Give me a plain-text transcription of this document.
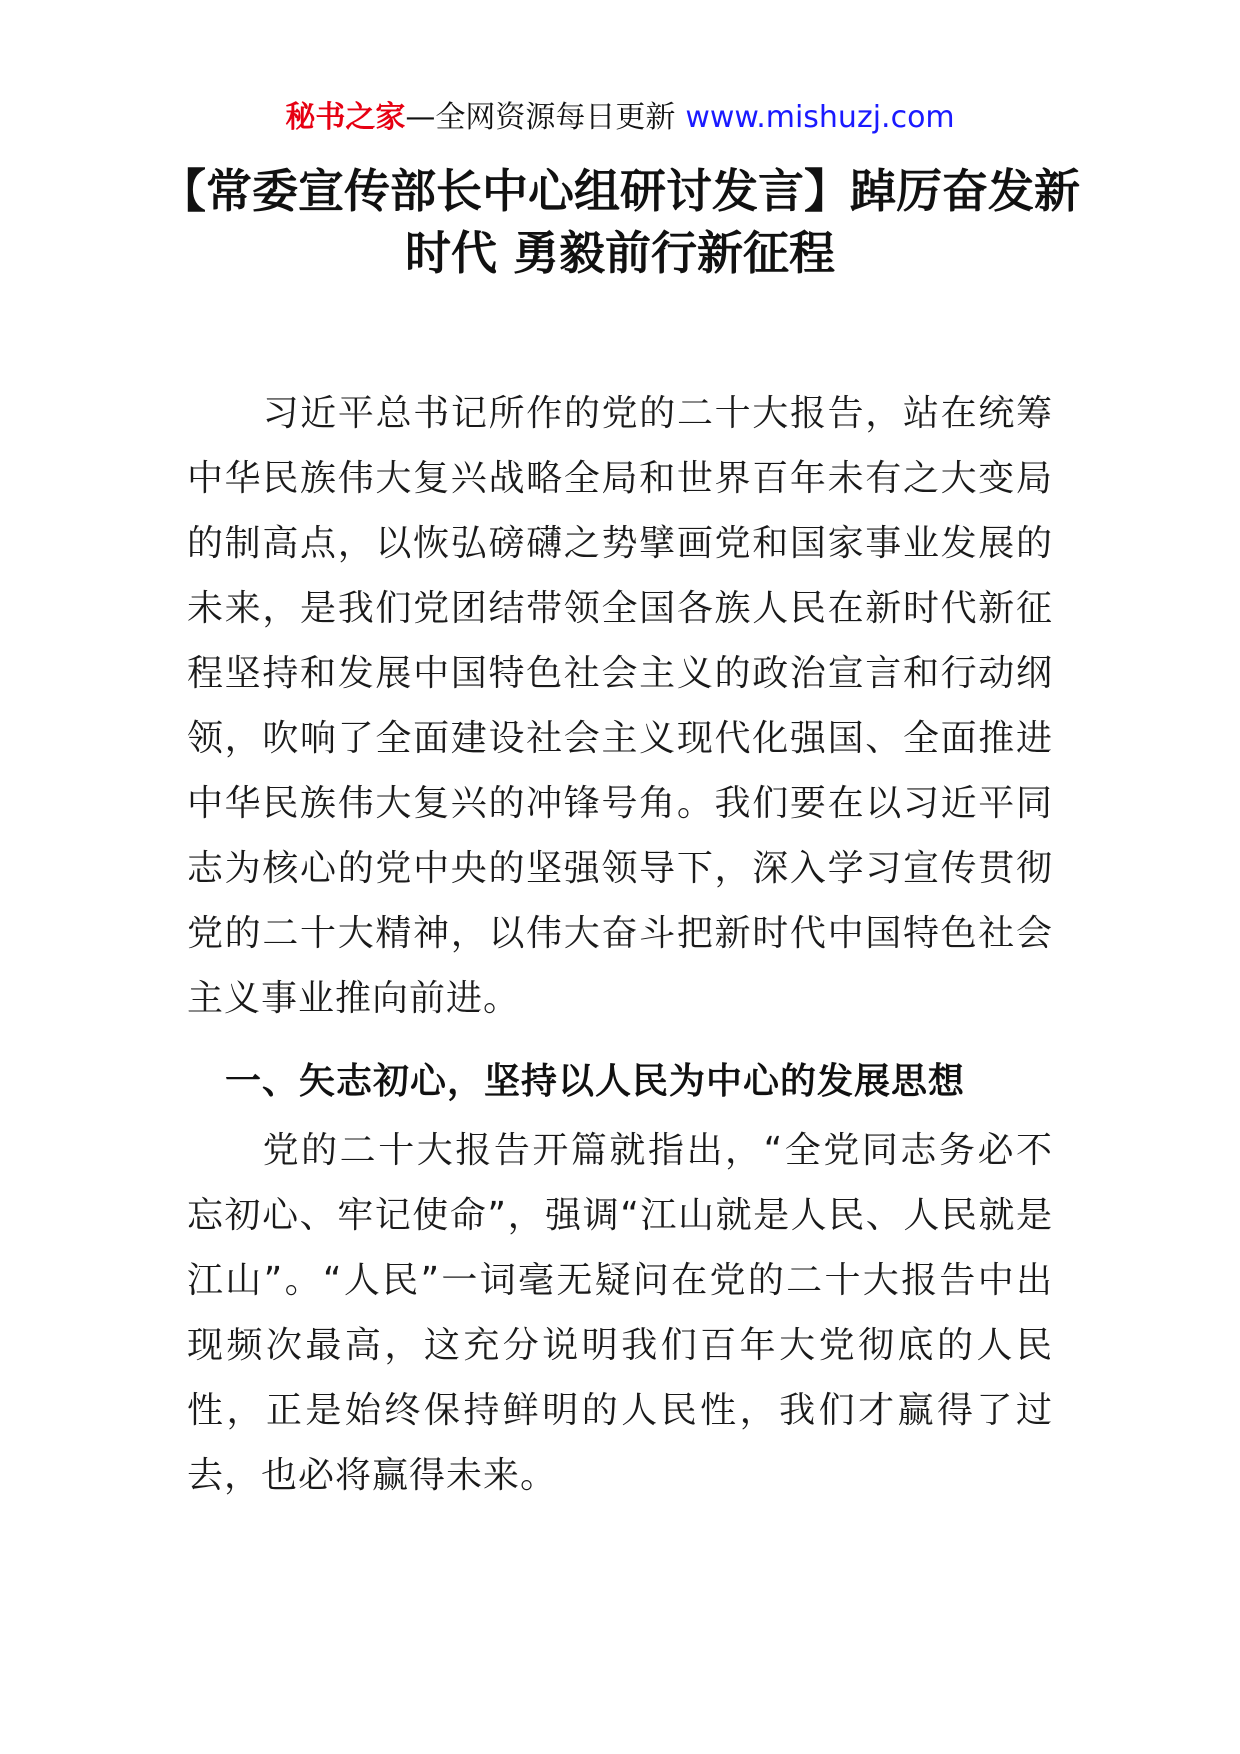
秘书之家—全网资源每日更新 www.mishuzj.com
【常委宣传部长中心组研讨发言】踔厉奋发新时代 勇毅前行新征程

习近平总书记所作的党的二十大报告，站在统筹中华民族伟大复兴战略全局和世界百年未有之大变局的制高点，以恢弘磅礴之势擘画党和国家事业发展的未来，是我们党团结带领全国各族人民在新时代新征程坚持和发展中国特色社会主义的政治宣言和行动纲领，吹响了全面建设社会主义现代化强国、全面推进中华民族伟大复兴的冲锋号角。我们要在以习近平同志为核心的党中央的坚强领导下，深入学习宣传贯彻党的二十大精神，以伟大奋斗把新时代中国特色社会主义事业推向前进。

一、矢志初心，坚持以人民为中心的发展思想

党的二十大报告开篇就指出，“全党同志务必不忘初心、牢记使命”，强调“江山就是人民、人民就是江山”。“人民”一词毫无疑问在党的二十大报告中出现频次最高，这充分说明我们百年大党彻底的人民性，正是始终保持鲜明的人民性，我们才赢得了过去，也必将赢得未来。
